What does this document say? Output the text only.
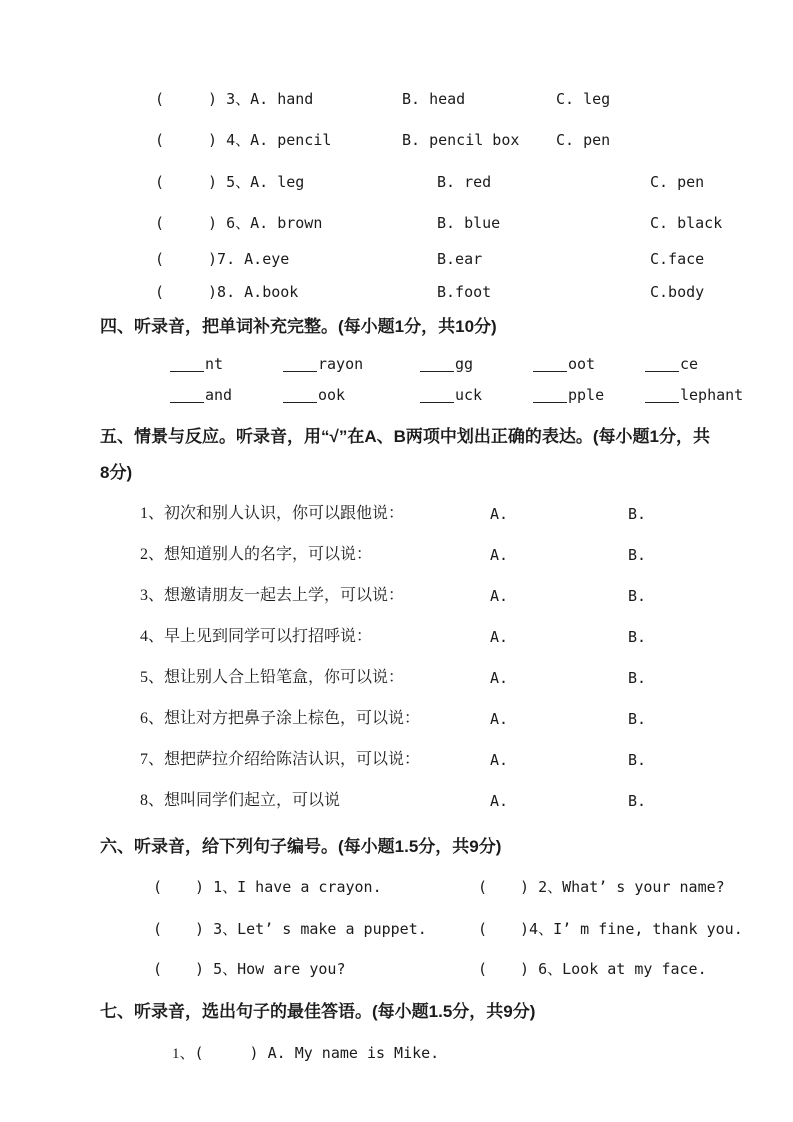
(	) 3、A. hand	B. head	C. leg
(	) 4、A. pencil	B. pencil box C. pen
(	) 5、A. leg	B. red	C. pen
(	) 6、A. brown	B. blue	C. black
(	)7. A.eye	B.ear	C.face
(	)8. A.book	B.foot	C.body
四、听录音，把单词补充完整。(每小题1分，共10分)
nt	rayon	gg	oot	ce
and	ook	uck	pple	lephant
五、情景与反应。听录音，用“√”在A、B两项中划出正确的表达。(每小题1分，共
8分)
1、初次和别人认识，你可以跟他说：	A.	B.
2、想知道别人的名字，可以说：	A.	B.
3、想邀请朋友一起去上学，可以说：	A.	B.
4、早上见到同学可以打招呼说：	A.	B.
5、想让别人合上铅笔盒，你可以说：	A.	B.
6、想让对方把鼻子涂上棕色，可以说：	A.	B.
7、想把萨拉介绍给陈洁认识，可以说：	A.	B.
8、想叫同学们起立，可以说	A.	B.
六、听录音，给下列句子编号。(每小题1.5分，共9分)
( ) 1、I have a crayon.	( ) 2、What’ s your name?
( ) 3、Let’ s make a puppet.	( )4、I’ m fine, thank you.
( ) 5、How are you?	( ) 6、Look at my face.
七、听录音，选出句子的最佳答语。(每小题1.5分，共9分)
1、(	) A. My name is Mike.
